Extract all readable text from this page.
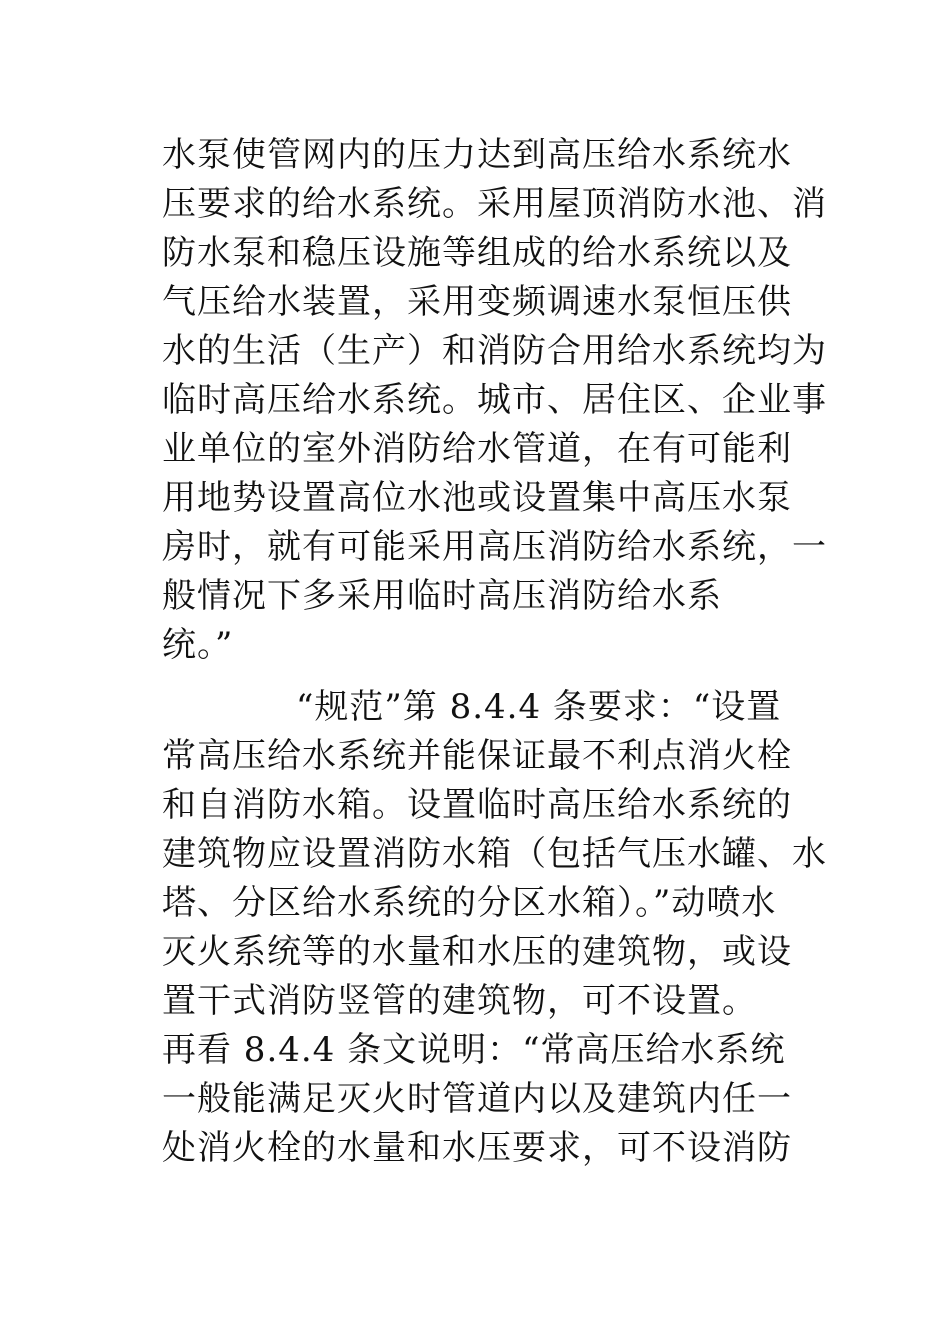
水泵使管网内的压力达到高压给水系统水
压要求的给水系统。采用屋顶消防水池、消
防水泵和稳压设施等组成的给水系统以及
气压给水装置，采用变频调速水泵恒压供
水的生活（生产）和消防合用给水系统均为
临时高压给水系统。城市、居住区、企业事
业单位的室外消防给水管道，在有可能利
用地势设置高位水池或设置集中高压水泵
房时，就有可能采用高压消防给水系统，一
般情况下多采用临时高压消防给水系
统。”
“规范”第 8.4.4 条要求：“设置
常高压给水系统并能保证最不利点消火栓
和自消防水箱。设置临时高压给水系统的
建筑物应设置消防水箱（包括气压水罐、水
塔、分区给水系统的分区水箱）。”动喷水
灭火系统等的水量和水压的建筑物，或设
置干式消防竖管的建筑物，可不设置。
再看 8.4.4 条文说明：“常高压给水系统
一般能满足灭火时管道内以及建筑内任一
处消火栓的水量和水压要求，可不设消防
